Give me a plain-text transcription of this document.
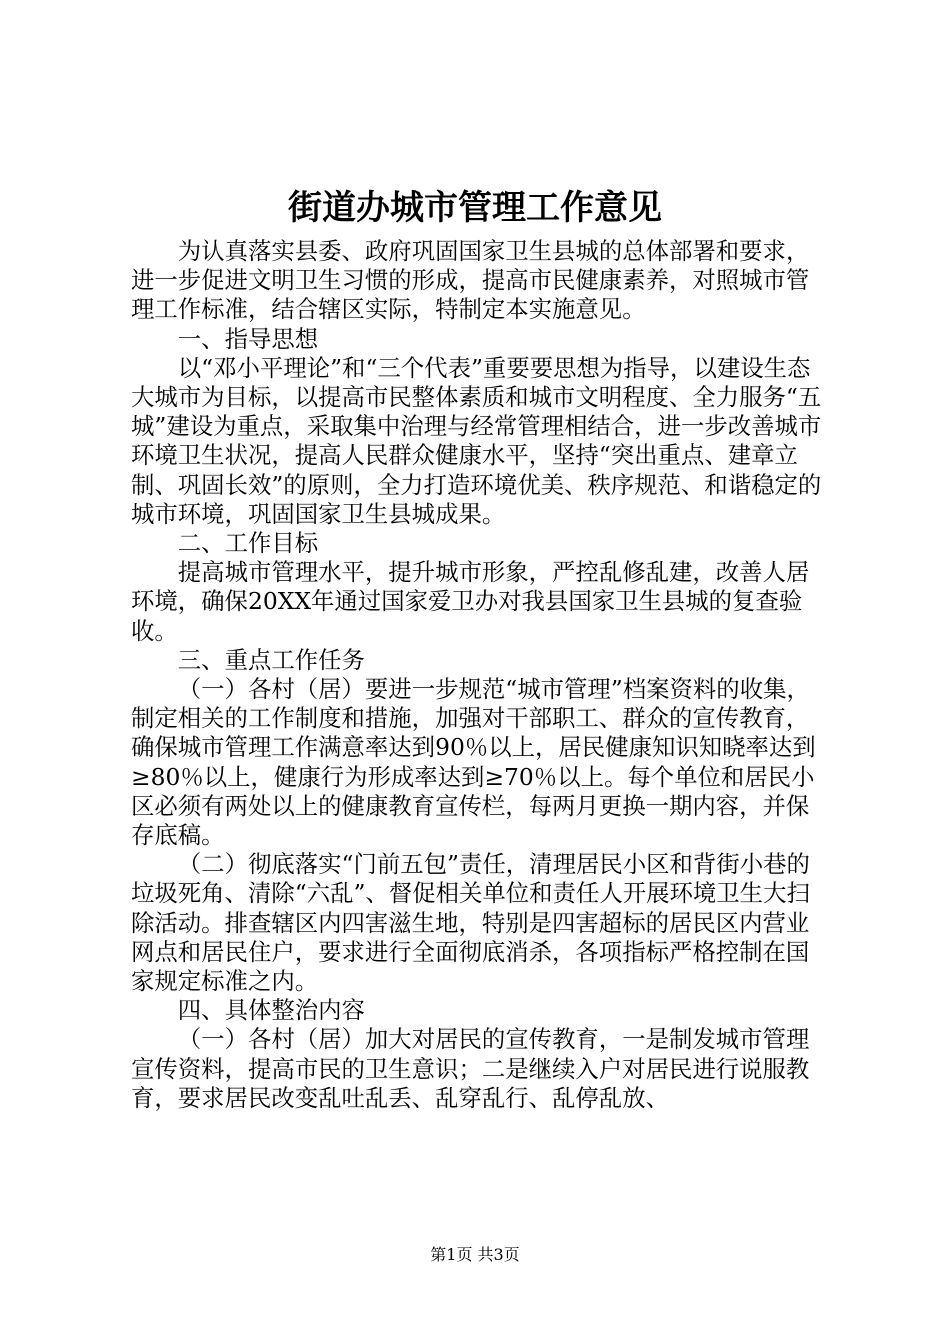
街道办城市管理工作意见

为认真落实县委、政府巩固国家卫生县城的总体部署和要求，进一步促进文明卫生习惯的形成，提高市民健康素养，对照城市管理工作标准，结合辖区实际，特制定本实施意见。

一、指导思想

以“邓小平理论”和“三个代表”重要要思想为指导，以建设生态大城市为目标，以提高市民整体素质和城市文明程度、全力服务“五城”建设为重点，采取集中治理与经常管理相结合，进一步改善城市环境卫生状况，提高人民群众健康水平，坚持“突出重点、建章立制、巩固长效”的原则，全力打造环境优美、秩序规范、和谐稳定的城市环境，巩固国家卫生县城成果。

二、工作目标

提高城市管理水平，提升城市形象，严控乱修乱建，改善人居环境，确保20XX年通过国家爱卫办对我县国家卫生县城的复查验收。

三、重点工作任务

（一）各村（居）要进一步规范“城市管理”档案资料的收集，制定相关的工作制度和措施，加强对干部职工、群众的宣传教育，确保城市管理工作满意率达到90％以上，居民健康知识知晓率达到≥80％以上，健康行为形成率达到≥70％以上。每个单位和居民小区必须有两处以上的健康教育宣传栏，每两月更换一期内容，并保存底稿。

（二）彻底落实“门前五包”责任，清理居民小区和背街小巷的垃圾死角、清除“六乱”、督促相关单位和责任人开展环境卫生大扫除活动。排查辖区内四害滋生地，特别是四害超标的居民区内营业网点和居民住户，要求进行全面彻底消杀，各项指标严格控制在国家规定标准之内。

四、具体整治内容

（一）各村（居）加大对居民的宣传教育，一是制发城市管理宣传资料，提高市民的卫生意识；二是继续入户对居民进行说服教育，要求居民改变乱吐乱丢、乱穿乱行、乱停乱放、

第1页 共3页
